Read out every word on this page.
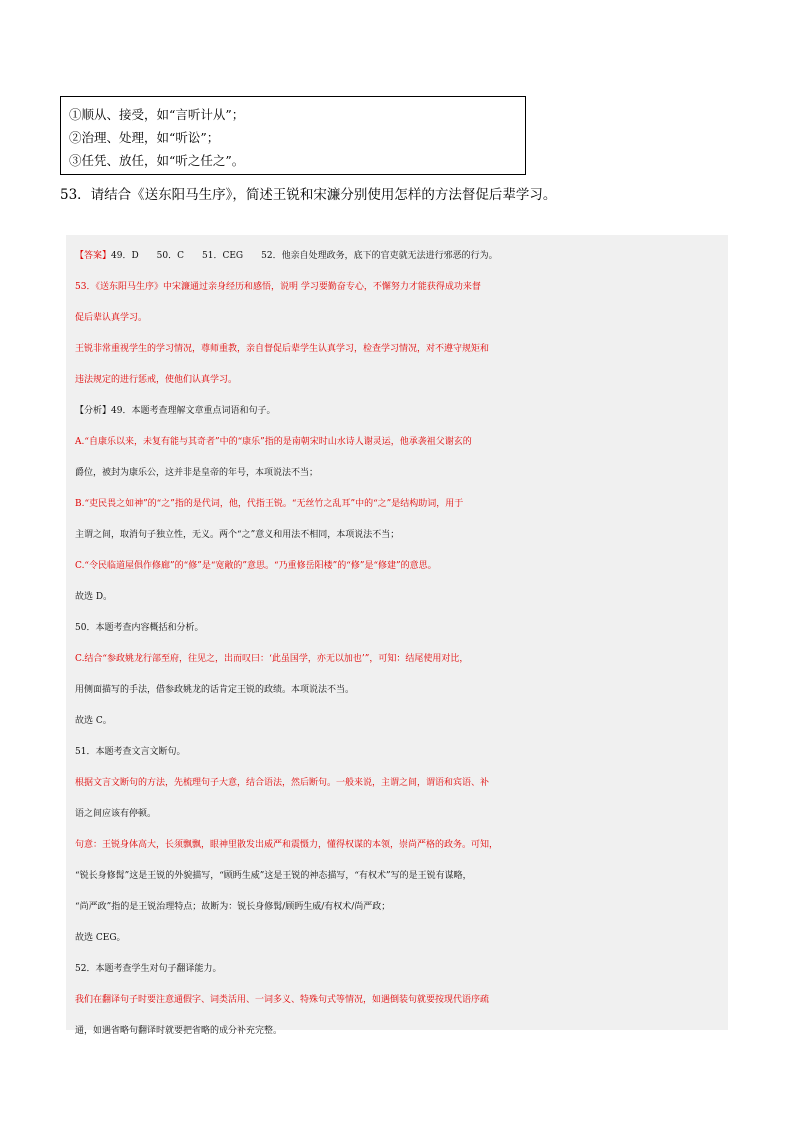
①顺从、接受，如“言听计从”；
②治理、处理，如“听讼”；
③任凭、放任，如“听之任之”。
53．请结合《送东阳马生序》，简述王锐和宋濂分别使用怎样的方法督促后辈学习。

【答案】49．D　　50．C　　51．CEG　　52．他亲自处理政务，底下的官吏就无法进行邪恶的行为。

53．《送东阳马生序》中宋濂通过亲身经历和感悟，说明 学习要勤奋专心，不懈努力才能获得成功来督

促后辈认真学习。

王锐非常重视学生的学习情况，尊师重教，亲自督促后辈学生认真学习，检查学习情况，对不遵守规矩和

违法规定的进行惩戒，使他们认真学习。

【分析】49．本题考查理解文章重点词语和句子。

A.“自康乐以来，未复有能与其奇者”中的“康乐”指的是南朝宋时山水诗人谢灵运，他承袭祖父谢玄的

爵位，被封为康乐公，这并非是皇帝的年号，本项说法不当；

B.“吏民畏之如神”的“之”指的是代词，他，代指王锐。“无丝竹之乱耳”中的“之”是结构助词，用于

主谓之间，取消句子独立性，无义。两个“之”意义和用法不相同，本项说法不当；

C.“令民临道屋俱作修廊”的“修”是“宽敞的”意思。“乃重修岳阳楼”的“修”是“修建”的意思。

故选 D。

50．本题考查内容概括和分析。

C.结合“参政姚龙行部至府，往见之，出而叹曰：‘此虽国学，亦无以加也’”，可知：结尾使用对比，

用侧面描写的手法，借参政姚龙的话肯定王锐的政绩。本项说法不当。

故选 C。

51．本题考查文言文断句。

根据文言文断句的方法，先梳理句子大意，结合语法，然后断句。一般来说，主谓之间，谓语和宾语、补

语之间应该有停顿。

句意：王锐身体高大，长须飘飘，眼神里散发出威严和震慑力，懂得权谋的本领，崇尚严格的政务。可知，

“锐长身修髯”这是王锐的外貌描写，“顾眄生威”这是王锐的神态描写，“有权术”写的是王锐有谋略，

“尚严政”指的是王锐治理特点；故断为：锐长身修髯/顾眄生威/有权术/尚严政；

故选 CEG。

52．本题考查学生对句子翻译能力。

我们在翻译句子时要注意通假字、词类活用、一词多义、特殊句式等情况，如遇倒装句就要按现代语序疏

通，如遇省略句翻译时就要把省略的成分补充完整。
